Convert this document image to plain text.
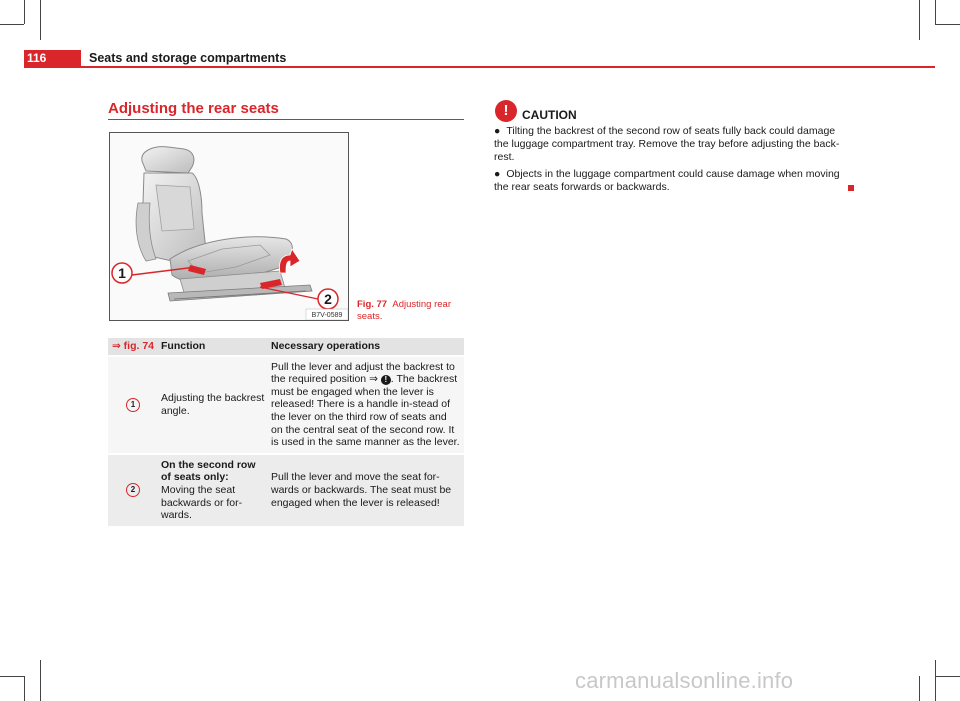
116	Seats and storage compartments
Adjusting the rear seats
1
2
B7V-0589
Fig. 77 Adjusting rear seats.
⇒ fig. 74	Function	Necessary operations
1	Adjusting the backrest angle.	Pull the lever and adjust the backrest to the required position ⇒ ! . The backrest must be engaged when the lever is released! There is a handle in-stead of the lever on the third row of seats and on the central seat of the second row. It is used in the same manner as the lever.
2	On the second row of seats only: Moving the seat backwards or for-wards.	Pull the lever and move the seat for-wards or backwards. The seat must be engaged when the lever is released!
!	CAUTION

● Tilting the backrest of the second row of seats fully back could damage the luggage compartment tray. Remove the tray before adjusting the back-rest.

● Objects in the luggage compartment could cause damage when moving the rear seats forwards or backwards.

carmanualsonline.info
